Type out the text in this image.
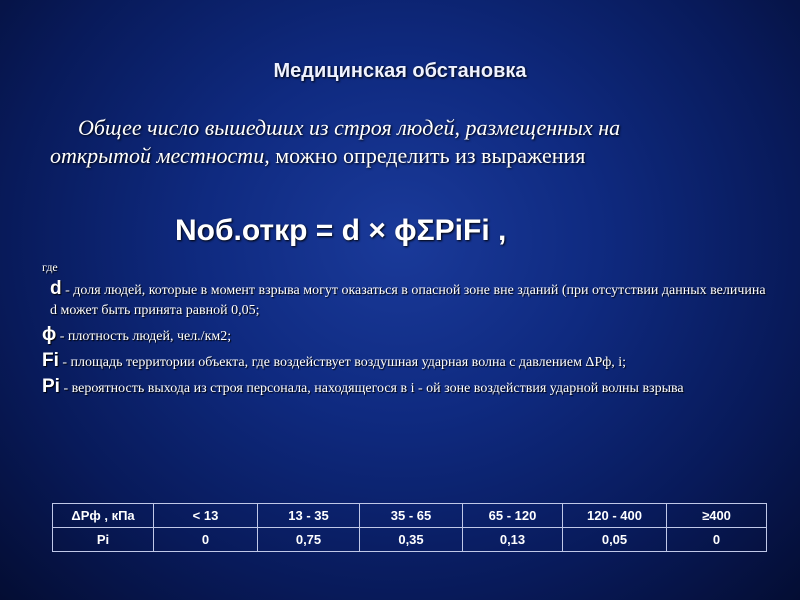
Медицинская обстановка
Общее число вышедших из строя людей, размещенных на
открытой местности, можно определить из выражения
Nоб.откр = d × ϕΣPiFi ,
где
d - доля людей, которые в момент взрыва могут оказаться в опасной зоне вне зданий (при отсутствии данных величина d может быть принята равной 0,05;
ϕ - плотность людей, чел./км2;
Fi - площадь территории объекта, где воздействует воздушная ударная волна с давлением ΔPф, i;
Pi - вероятность выхода из строя персонала, находящегося в i - ой зоне воздействия ударной волны взрыва
ΔPф , кПа	< 13	13 - 35	35 - 65	65 - 120	120 - 400	≥400
Pi	0	0,75	0,35	0,13	0,05	0
